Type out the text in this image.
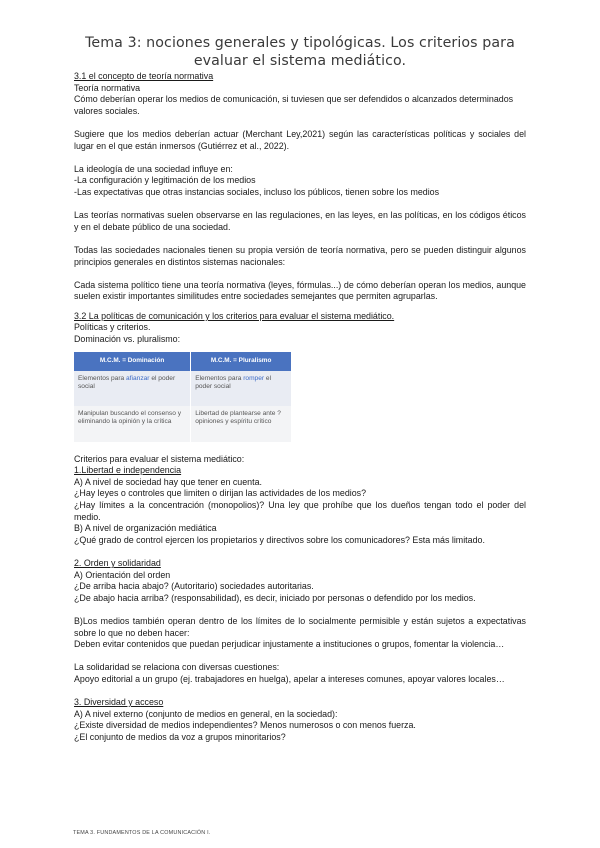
Tema 3: nociones generales y tipológicas. Los criterios para evaluar el sistema mediático.

3.1 el concepto de teoría normativa

Teoría normativa

Cómo deberían operar los medios de comunicación, si tuviesen que ser defendidos o alcanzados determinados valores sociales.

Sugiere que los medios deberían actuar (Merchant Ley,2021) según las características políticas y sociales del lugar en el que están inmersos (Gutiérrez et al., 2022).

La ideología de una sociedad influye en:

-La configuración y legitimación de los medios

-Las expectativas que otras instancias sociales, incluso los públicos, tienen sobre los medios

Las teorías normativas suelen observarse en las regulaciones, en las leyes, en las políticas, en los códigos éticos y en el debate público de una sociedad.

Todas las sociedades nacionales tienen su propia versión de teoría normativa, pero se pueden distinguir algunos principios generales en distintos sistemas nacionales:

Cada sistema político tiene una teoría normativa (leyes, fórmulas...) de cómo deberían operan los medios, aunque suelen existir importantes similitudes entre sociedades semejantes que permiten agruparlas.

3.2 La políticas de comunicación y los criterios para evaluar el sistema mediático.

Políticas y criterios.

Dominación vs. pluralismo:

M.C.M. = Dominación	M.C.M. = Pluralismo
Elementos para afianzar el poder social	Elementos para romper el poder social
Manipulan buscando el consenso y eliminando la opinión y la crítica	Libertad de plantearse ante ? opiniones y espíritu crítico

Criterios para evaluar el sistema mediático:

1.Libertad e independencia

A) A nivel de sociedad hay que tener en cuenta.

¿Hay leyes o controles que limiten o dirijan las actividades de los medios?

¿Hay límites a la concentración (monopolios)? Una ley que prohíbe que los dueños tengan todo el poder del medio.

B) A nivel de organización mediática

¿Qué grado de control ejercen los propietarios y directivos sobre los comunicadores? Esta más limitado.

2. Orden y solidaridad

A) Orientación del orden

¿De arriba hacia abajo? (Autoritario) sociedades autoritarias.

¿De abajo hacia arriba? (responsabilidad), es decir, iniciado por personas o defendido por los medios.

B)Los medios también operan dentro de los límites de lo socialmente permisible y están sujetos a expectativas sobre lo que no deben hacer:

Deben evitar contenidos que puedan perjudicar injustamente a instituciones o grupos, fomentar la violencia…

La solidaridad se relaciona con diversas cuestiones:

Apoyo editorial a un grupo (ej. trabajadores en huelga), apelar a intereses comunes, apoyar valores locales…

3. Diversidad y acceso

A) A nivel externo (conjunto de medios en general, en la sociedad):

¿Existe diversidad de medios independientes? Menos numerosos o con menos fuerza.

¿El conjunto de medios da voz a grupos minoritarios?

TEMA 3. FUNDAMENTOS DE LA COMUNICACIÓN I.
